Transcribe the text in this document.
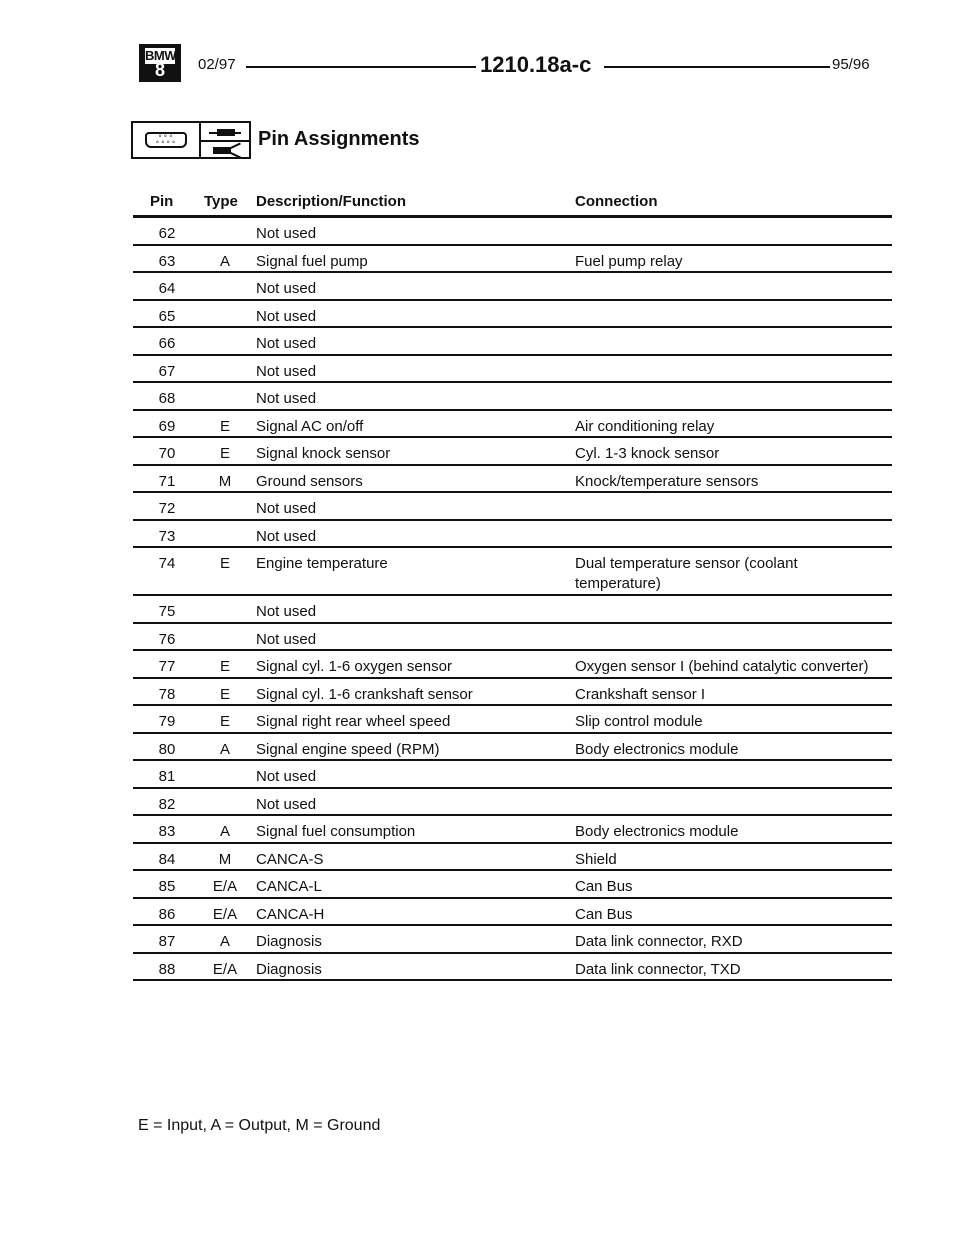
BMW
8	02/97	1210.18a-c	95/96
∘∘∘
∘∘∘∘	Pin Assignments
Pin Type Description/Function	Connection
62	Not used
63	A	Signal fuel pump	Fuel pump relay
64	Not used
65	Not used
66	Not used
67	Not used
68	Not used
69	E	Signal AC on/off	Air conditioning relay
70	E	Signal knock sensor	Cyl. 1-3 knock sensor
71	M	Ground sensors	Knock/temperature sensors
72	Not used
73	Not used
74	E	Engine temperature	Dual temperature sensor (coolant
temperature)
75	Not used
76	Not used
77	E	Signal cyl. 1-6 oxygen sensor	Oxygen sensor I (behind catalytic converter)
78	E	Signal cyl. 1-6 crankshaft sensor	Crankshaft sensor I
79	E	Signal right rear wheel speed	Slip control module
80	A	Signal engine speed (RPM)	Body electronics module
81	Not used
82	Not used
83	A	Signal fuel consumption	Body electronics module
84	M	CANCA-S	Shield
85	E/A	CANCA-L	Can Bus
86	E/A	CANCA-H	Can Bus
87	A	Diagnosis	Data link connector, RXD
88	E/A	Diagnosis	Data link connector, TXD
E = Input, A = Output, M = Ground
